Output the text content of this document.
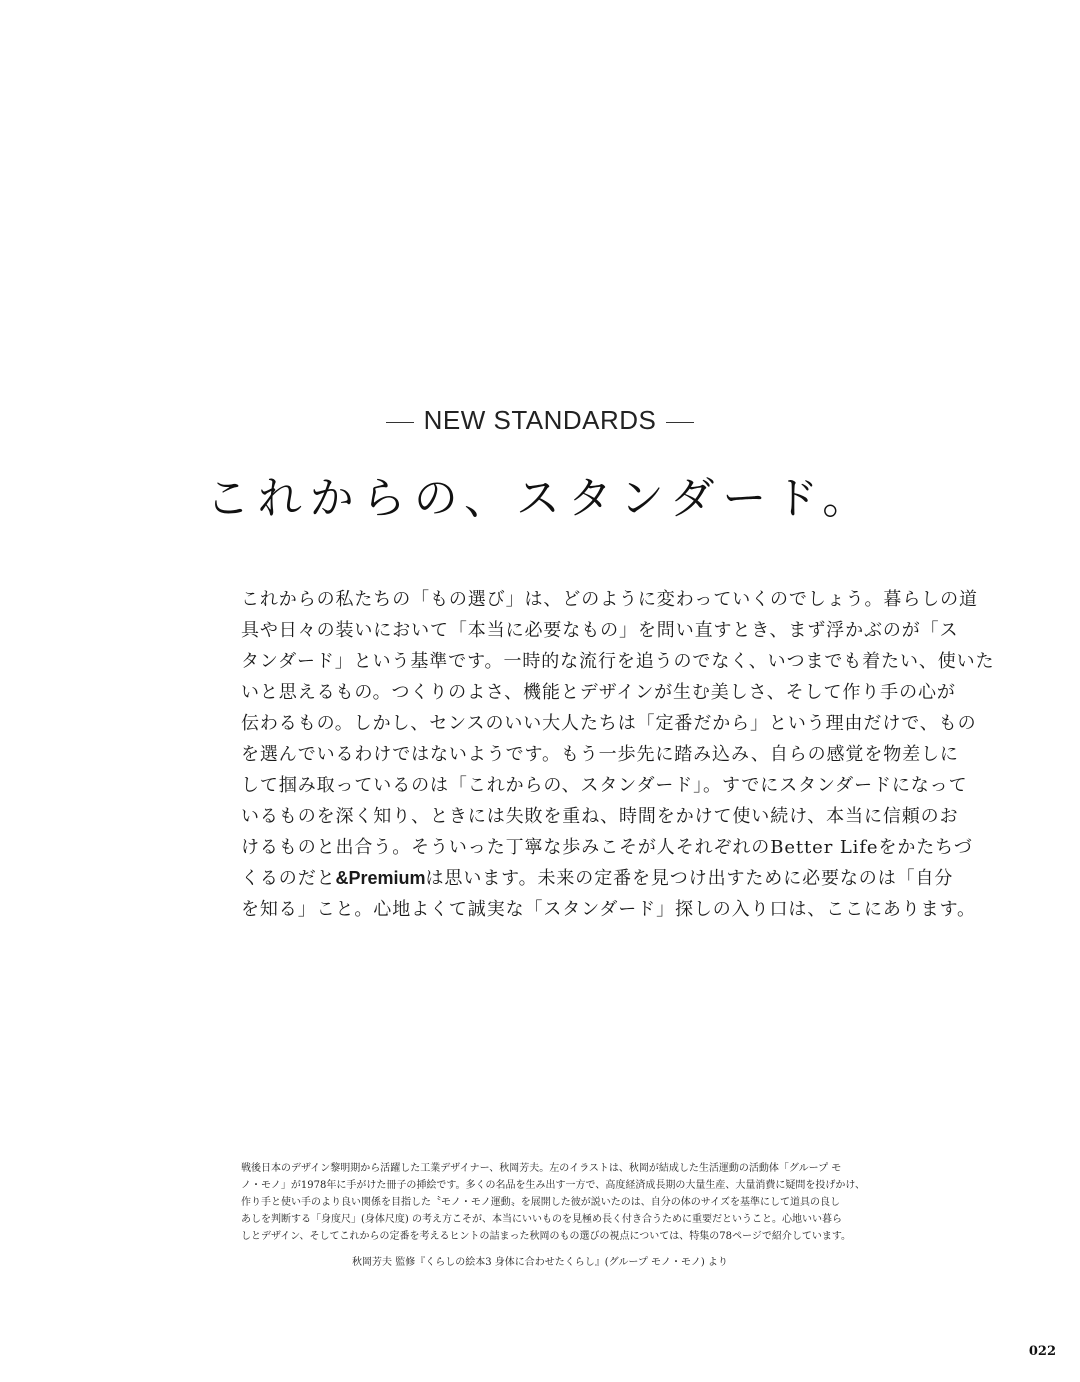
NEW STANDARDS
これからの、スタンダード。
これからの私たちの「もの選び」は、どのように変わっていくのでしょう。暮らしの道
具や日々の装いにおいて「本当に必要なもの」を問い直すとき、まず浮かぶのが「ス
タンダード」という基準です。一時的な流行を追うのでなく、いつまでも着たい、使いた
いと思えるもの。つくりのよさ、機能とデザインが生む美しさ、そして作り手の心が
伝わるもの。しかし、センスのいい大人たちは「定番だから」という理由だけで、もの
を選んでいるわけではないようです。もう一歩先に踏み込み、自らの感覚を物差しに
して掴み取っているのは「これからの、スタンダード」。すでにスタンダードになって
いるものを深く知り、ときには失敗を重ね、時間をかけて使い続け、本当に信頼のお
けるものと出合う。そういった丁寧な歩みこそが人それぞれのBetter Lifeをかたちづ
くるのだと&Premiumは思います。未来の定番を見つけ出すために必要なのは「自分
を知る」こと。心地よくて誠実な「スタンダード」探しの入り口は、ここにあります。
戦後日本のデザイン黎明期から活躍した工業デザイナー、秋岡芳夫。左のイラストは、秋岡が結成した生活運動の活動体「グループ モ
ノ・モノ」が1978年に手がけた冊子の挿絵です。多くの名品を生み出す一方で、高度経済成長期の大量生産、大量消費に疑問を投げかけ、
作り手と使い手のより良い関係を目指した〝モノ・モノ運動〟を展開した彼が説いたのは、自分の体のサイズを基準にして道具の良し
あしを判断する「身度尺」(身体尺度) の考え方こそが、本当にいいものを見極め長く付き合うために重要だということ。心地いい暮ら
しとデザイン、そしてこれからの定番を考えるヒントの詰まった秋岡のもの選びの視点については、特集の78ページで紹介しています。
秋岡芳夫 監修『くらしの絵本3 身体に合わせたくらし』(グループ モノ・モノ) より
022
